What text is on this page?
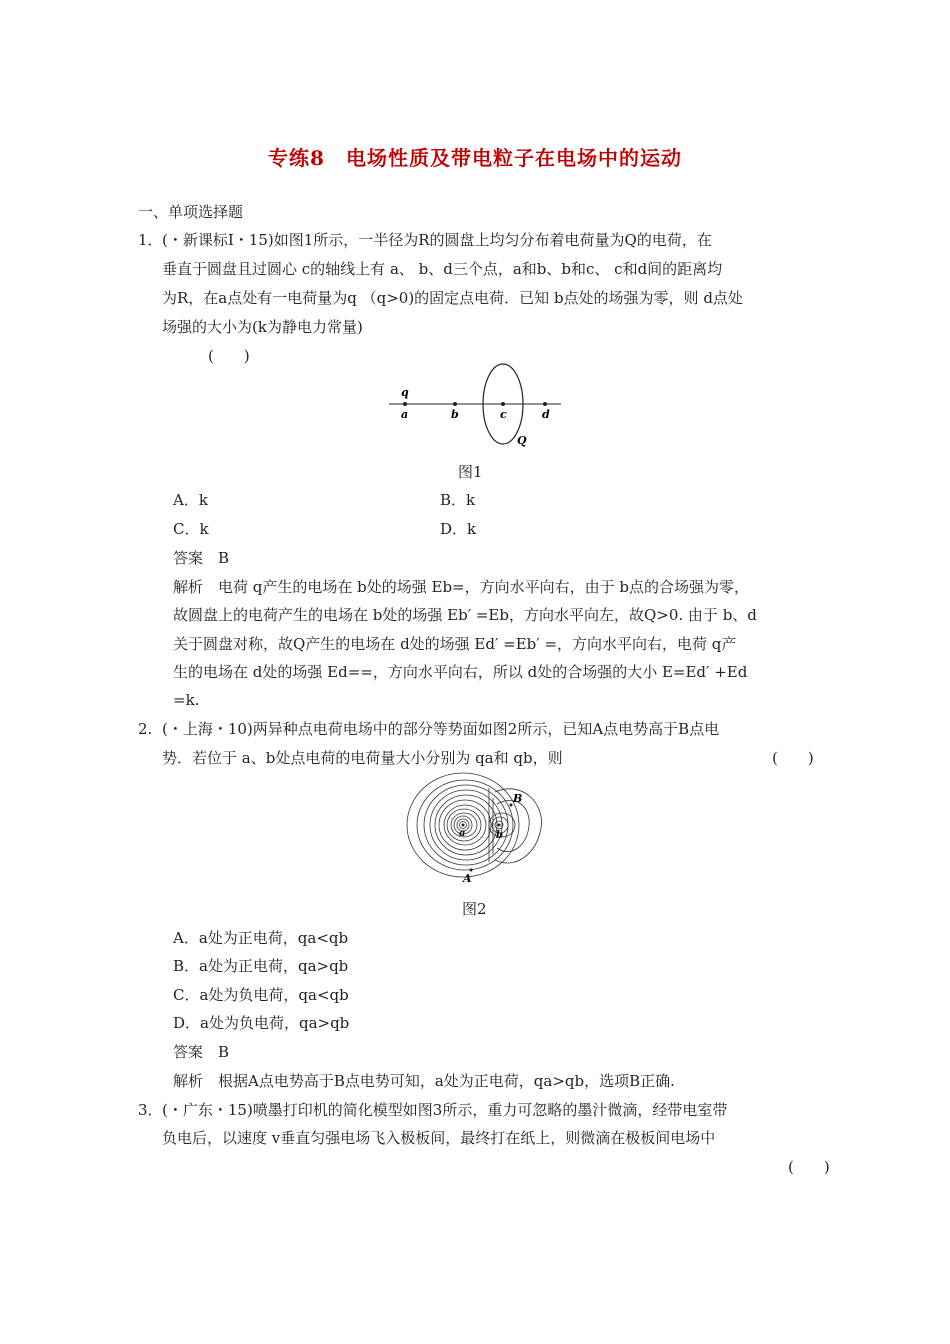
专练8　电场性质及带电粒子在电场中的运动
一、单项选择题
1． (・新课标Ⅰ・15)如图1所示，一半径为R的圆盘上均匀分布着电荷量为Q的电荷，在
垂直于圆盘且过圆心 c的轴线上有 a、 b、d三个点，a和b、b和c、 c和d间的距离均
为R，在a点处有一电荷量为q （q>0)的固定点电荷．已知 b点处的场强为零，则 d点处
场强的大小为(k为静电力常量)
(　　)
q
a	b	c	d
Q
图1
A．k	B．k
C．k	D．k
答案　B
解析　电荷 q产生的电场在 b处的场强 Eb=，方向水平向右，由于 b点的合场强为零，
故圆盘上的电荷产生的电场在 b处的场强 Eb′ =Eb，方向水平向左，故Q>0. 由于 b、d
关于圆盘对称，故Q产生的电场在 d处的场强 Ed′ =Eb′ =，方向水平向右，电荷 q产
生的电场在 d处的场强 Ed==，方向水平向右，所以 d处的合场强的大小 E=Ed′ +Ed
=k.
2. (・上海・10)两异种点电荷电场中的部分等势面如图2所示，已知A点电势高于B点电
势．若位于 a、b处点电荷的电荷量大小分别为 qa和 qb，则	(　　)
a	b
B
A
图2
A．a处为正电荷，qa<qb
B．a处为正电荷，qa>qb
C．a处为负电荷，qa<qb
D．a处为负电荷，qa>qb
答案　B
解析　根据A点电势高于B点电势可知，a处为正电荷，qa>qb，选项B正确.
3． (・广东・15)喷墨打印机的简化模型如图3所示，重力可忽略的墨汁微滴，经带电室带
负电后，以速度 v垂直匀强电场飞入极板间，最终打在纸上，则微滴在极板间电场中
(　　)
